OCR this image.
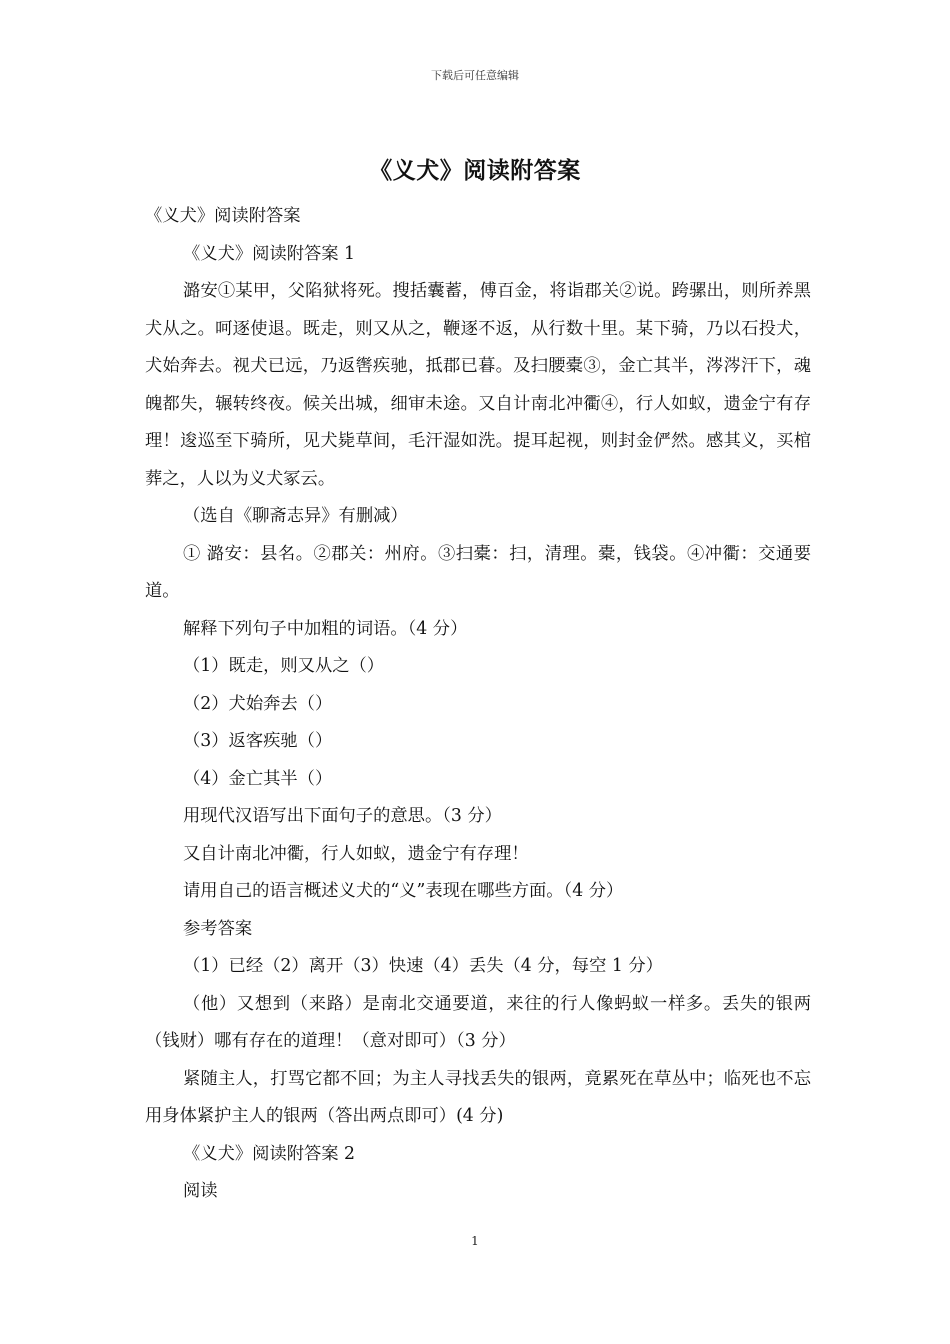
下载后可任意编辑
《义犬》阅读附答案

《义犬》阅读附答案

《义犬》阅读附答案 1

潞安①某甲，父陷狱将死。搜括囊蓄，傅百金，将诣郡关②说。跨骡出，则所养黑犬从之。呵逐使退。既走，则又从之，鞭逐不返，从行数十里。某下骑，乃以石投犬，犬始奔去。视犬已远，乃返辔疾驰，抵郡已暮。及扫腰橐③，金亡其半，涔涔汗下，魂魄都失，辗转终夜。候关出城，细审未途。又自计南北冲衢④，行人如蚁，遗金宁有存理！逡巡至下骑所，见犬毙草间，毛汗湿如洗。提耳起视，则封金俨然。感其义，买棺葬之，人以为义犬冢云。

（选自《聊斋志异》有删减）

① 潞安：县名。②郡关：州府。③扫橐：扫，清理。橐，钱袋。④冲衢：交通要道。

解释下列句子中加粗的词语。（4 分）

（1）既走，则又从之（）

（2）犬始奔去（）

（3）返客疾驰（）

（4）金亡其半（）

用现代汉语写出下面句子的意思。（3 分）

又自计南北冲衢，行人如蚁，遗金宁有存理！

请用自己的语言概述义犬的“义”表现在哪些方面。（4 分）

参考答案

（1）已经（2）离开（3）快速（4）丢失（4 分，每空 1 分）

（他）又想到（来路）是南北交通要道，来往的行人像蚂蚁一样多。丢失的银两（钱财）哪有存在的道理！（意对即可）（3 分）

紧随主人，打骂它都不回；为主人寻找丢失的银两，竟累死在草丛中；临死也不忘用身体紧护主人的银两（答出两点即可）(4 分)

《义犬》阅读附答案 2

阅读

1
